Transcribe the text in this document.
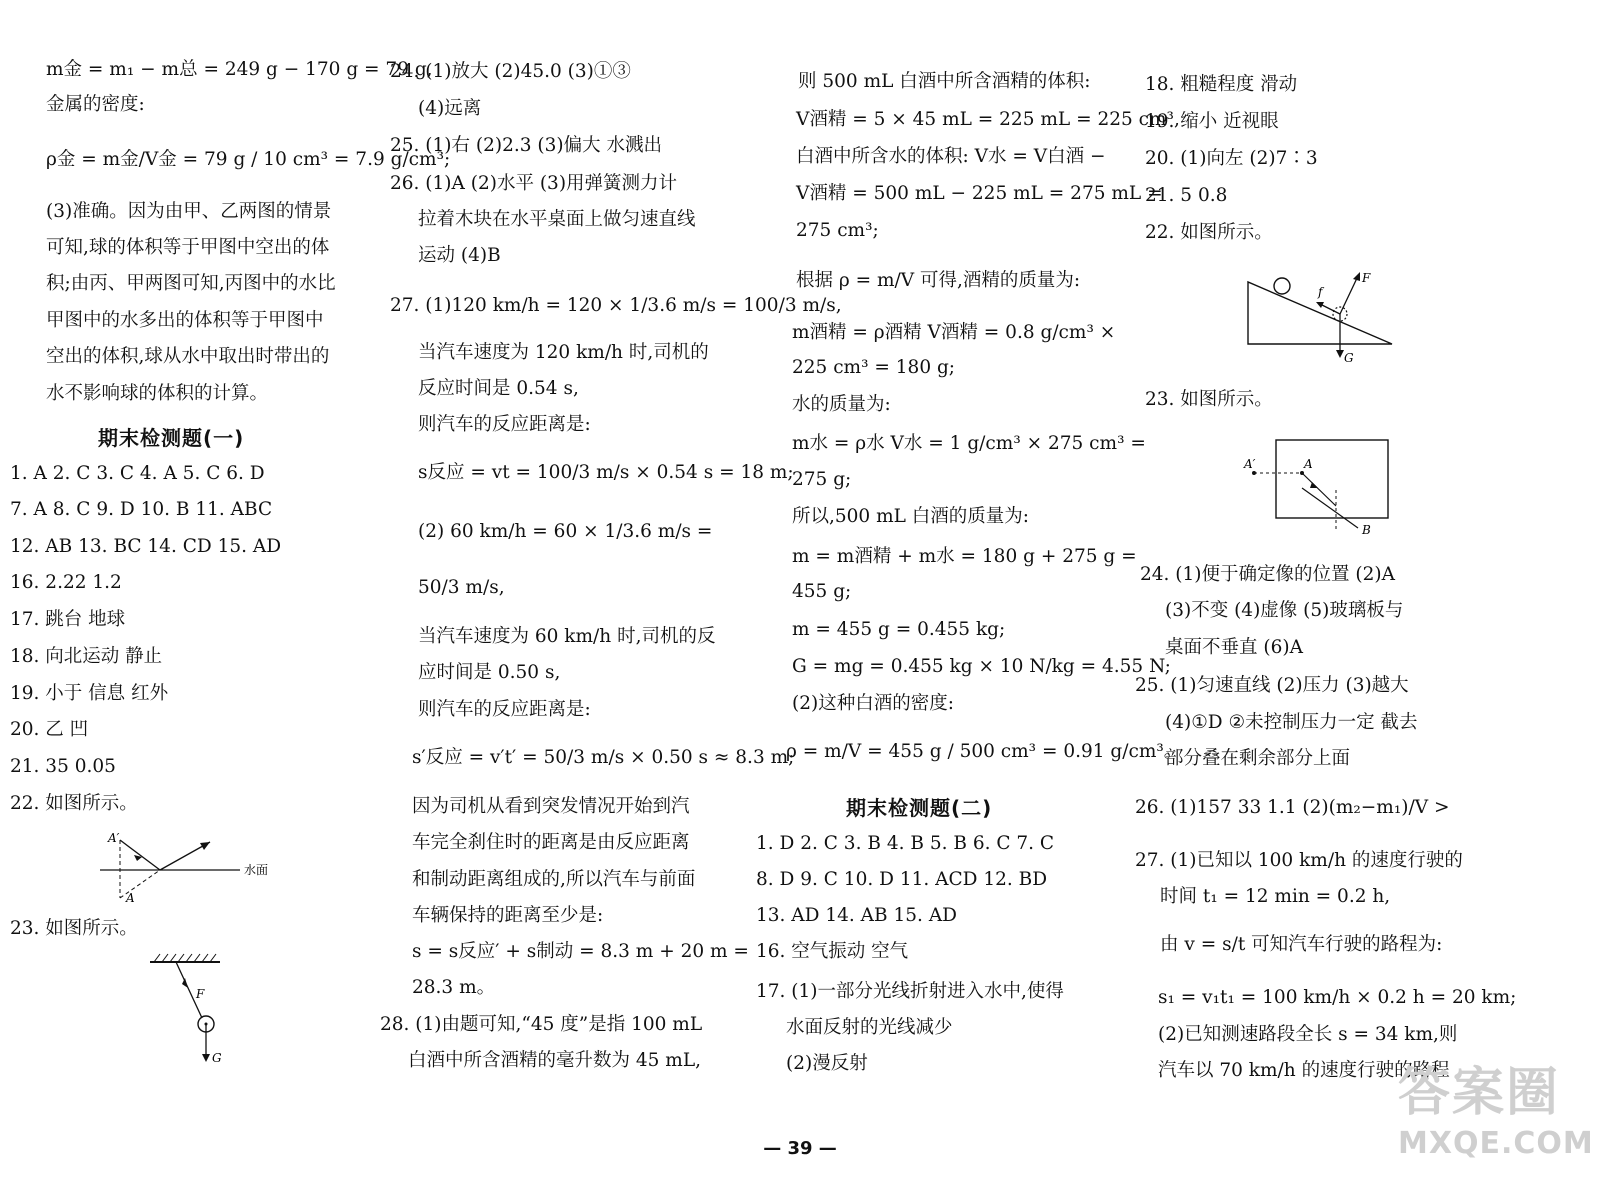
m金 = m₁ − m总 = 249 g − 170 g = 79 g,
金属的密度:
ρ金 = m金/V金 = 79 g / 10 cm³ = 7.9 g/cm³;
(3)准确。因为由甲、乙两图的情景
可知,球的体积等于甲图中空出的体
积;由丙、甲两图可知,丙图中的水比
甲图中的水多出的体积等于甲图中
空出的体积,球从水中取出时带出的
水不影响球的体积的计算。
期末检测题(一)
1. A 2. C 3. C 4. A 5. C 6. D
7. A 8. C 9. D 10. B 11. ABC
12. AB 13. BC 14. CD 15. AD
16. 2.22 1.2
17. 跳台 地球
18. 向北运动 静止
19. 小于 信息 红外
20. 乙 凹
21. 35 0.05
22. 如图所示。
23. 如图所示。
A′
A
水面
F
G
24. (1)放大 (2)45.0 (3)①③
(4)远离
25. (1)右 (2)2.3 (3)偏大 水溅出
26. (1)A (2)水平 (3)用弹簧测力计
拉着木块在水平桌面上做匀速直线
运动 (4)B
27. (1)120 km/h = 120 × 1/3.6 m/s = 100/3 m/s,
当汽车速度为 120 km/h 时,司机的
反应时间是 0.54 s,
则汽车的反应距离是:
s反应 = vt = 100/3 m/s × 0.54 s = 18 m;
(2) 60 km/h = 60 × 1/3.6 m/s =
50/3 m/s,
当汽车速度为 60 km/h 时,司机的反
应时间是 0.50 s,
则汽车的反应距离是:
s′反应 = v′t′ = 50/3 m/s × 0.50 s ≈ 8.3 m;
因为司机从看到突发情况开始到汽
车完全刹住时的距离是由反应距离
和制动距离组成的,所以汽车与前面
车辆保持的距离至少是:
s = s反应′ + s制动 = 8.3 m + 20 m =
28.3 m。
28. (1)由题可知,“45 度”是指 100 mL
白酒中所含酒精的毫升数为 45 mL,
则 500 mL 白酒中所含酒精的体积:
V酒精 = 5 × 45 mL = 225 mL = 225 cm³,
白酒中所含水的体积: V水 = V白酒 −
V酒精 = 500 mL − 225 mL = 275 mL =
275 cm³;
根据 ρ = m/V 可得,酒精的质量为:
m酒精 = ρ酒精 V酒精 = 0.8 g/cm³ ×
225 cm³ = 180 g;
水的质量为:
m水 = ρ水 V水 = 1 g/cm³ × 275 cm³ =
275 g;
所以,500 mL 白酒的质量为:
m = m酒精 + m水 = 180 g + 275 g =
455 g;
m = 455 g = 0.455 kg;
G = mg = 0.455 kg × 10 N/kg = 4.55 N;
(2)这种白酒的密度:
ρ = m/V = 455 g / 500 cm³ = 0.91 g/cm³。
期末检测题(二)
1. D 2. C 3. B 4. B 5. B 6. C 7. C
8. D 9. C 10. D 11. ACD 12. BD
13. AD 14. AB 15. AD
16. 空气振动 空气
17. (1)一部分光线折射进入水中,使得
水面反射的光线减少
(2)漫反射
18. 粗糙程度 滑动
19. 缩小 近视眼
20. (1)向左 (2)7∶3
21. 5 0.8
22. 如图所示。
23. 如图所示。
24. (1)便于确定像的位置 (2)A
(3)不变 (4)虚像 (5)玻璃板与
桌面不垂直 (6)A
25. (1)匀速直线 (2)压力 (3)越大
(4)①D ②未控制压力一定 截去
部分叠在剩余部分上面
26. (1)157 33 1.1 (2)(m₂−m₁)/V >
27. (1)已知以 100 km/h 的速度行驶的
时间 t₁ = 12 min = 0.2 h,
由 v = s/t 可知汽车行驶的路程为:
s₁ = v₁t₁ = 100 km/h × 0.2 h = 20 km;
(2)已知测速路段全长 s = 34 km,则
汽车以 70 km/h 的速度行驶的路程
F
f
G
A′	A
B
— 39 —
答案圈
MXQE.COM
